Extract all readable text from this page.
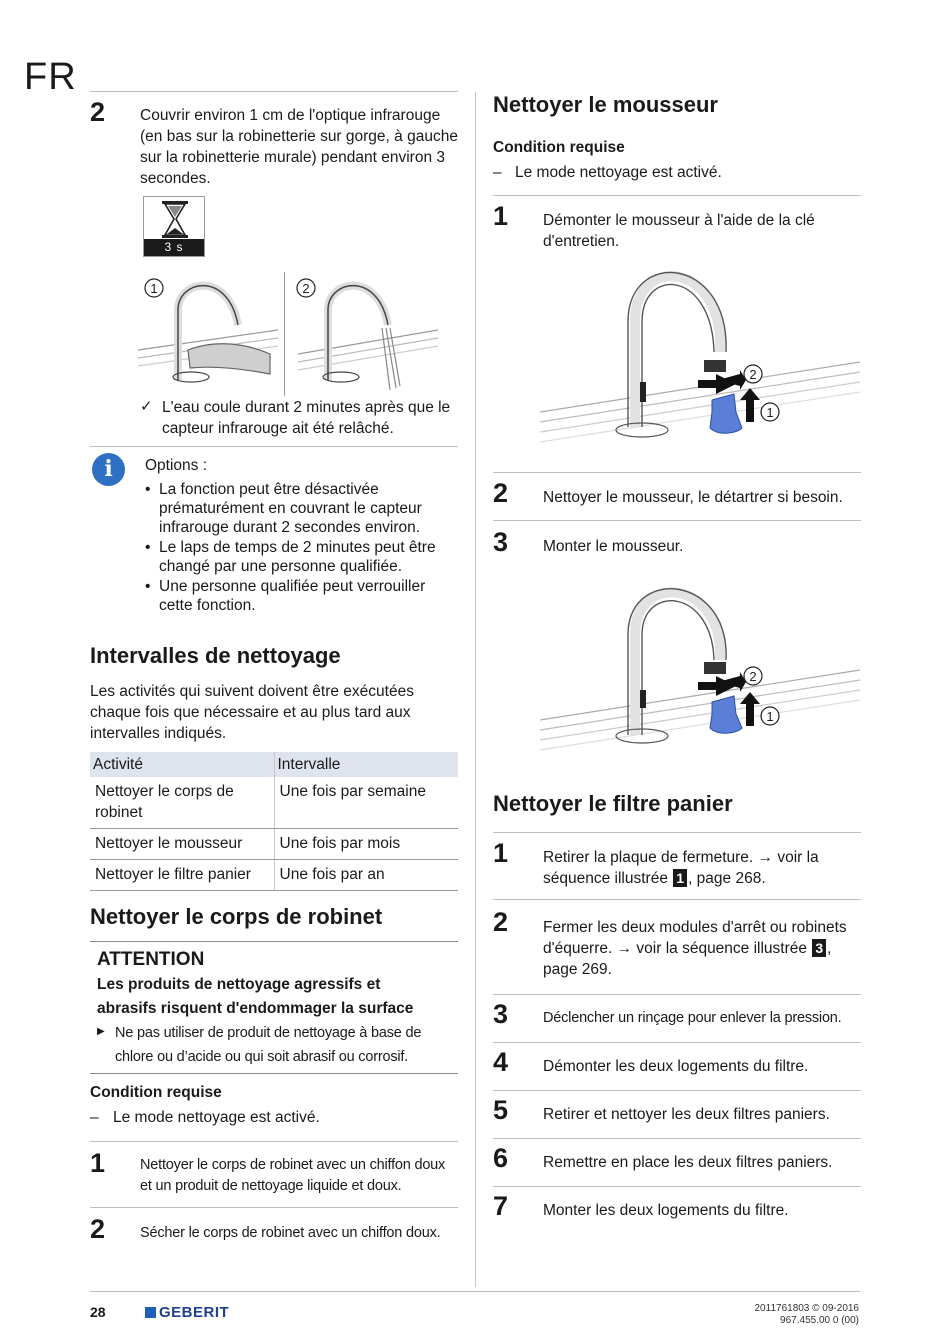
FR
2 Couvrir environ 1 cm de l'optique infrarouge (en bas sur la robinetterie sur gorge, à gauche sur la robinetterie murale) pendant environ 3 secondes.
3 s
1	2
✓ L'eau coule durant 2 minutes après que le capteur infrarouge ait été relâché.
i	Options :
• La fonction peut être désactivée prématurément en couvrant le capteur infrarouge durant 2 secondes environ.
• Le laps de temps de 2 minutes peut être changé par une personne qualifiée.
• Une personne qualifiée peut verrouiller cette fonction.
Intervalles de nettoyage
Les activités qui suivent doivent être exécutées chaque fois que nécessaire et au plus tard aux intervalles indiqués.
Activité	Intervalle
Nettoyer le corps de robinet	Une fois par semaine
Nettoyer le mousseur	Une fois par mois
Nettoyer le filtre panier	Une fois par an
Nettoyer le corps de robinet
ATTENTION
Les produits de nettoyage agressifs et abrasifs risquent d'endommager la surface
▶ Ne pas utiliser de produit de nettoyage à base de chlore ou d’acide ou qui soit abrasif ou corrosif.
Condition requise
– Le mode nettoyage est activé.
1 Nettoyer le corps de robinet avec un chiffon doux et un produit de nettoyage liquide et doux.
2 Sécher le corps de robinet avec un chiffon doux.
Nettoyer le mousseur
Condition requise
– Le mode nettoyage est activé.
1 Démonter le mousseur à l'aide de la clé d'entretien.
2
1
2 Nettoyer le mousseur, le détartrer si besoin.
3 Monter le mousseur.
2
1
Nettoyer le filtre panier
1 Retirer la plaque de fermeture. → voir la séquence illustrée 1 , page 268.
2 Fermer les deux modules d'arrêt ou robinets d'équerre. → voir la séquence illustrée 3 , page 269.
3 Déclencher un rinçage pour enlever la pression.
4 Démonter les deux logements du filtre.
5 Retirer et nettoyer les deux filtres paniers.
6 Remettre en place les deux filtres paniers.
7 Monter les deux logements du filtre.
28	GEBERIT	2011761803 © 09-2016
967.455.00 0 (00)
